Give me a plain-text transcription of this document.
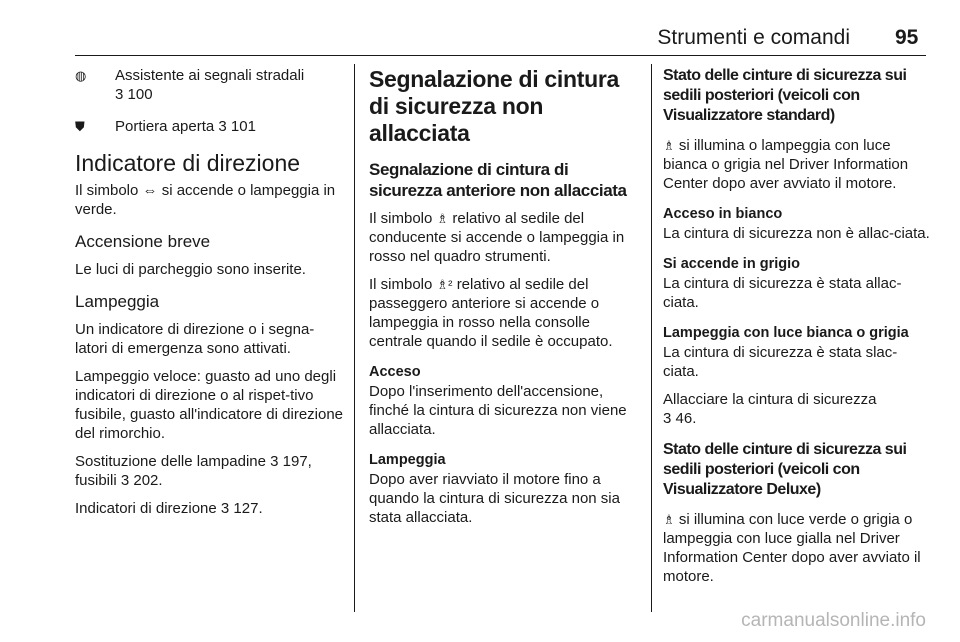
Strumenti e comandi 95
◍ Assistente ai segnali stradali
3 100
⛊ Portiera aperta 3 101
Indicatore di direzione

Il simbolo ⇔ si accende o lampeggia in verde.

Accensione breve

Le luci di parcheggio sono inserite.

Lampeggia

Un indicatore di direzione o i segna-latori di emergenza sono attivati.

Lampeggio veloce: guasto ad uno degli indicatori di direzione o al rispet-tivo fusibile, guasto all'indicatore di direzione del rimorchio.

Sostituzione delle lampadine 3 197,
fusibili 3 202.

Indicatori di direzione 3 127.

Segnalazione di cintura di sicurezza non allacciata
Segnalazione di cintura di sicurezza anteriore non allacciata

Il simbolo ♗ relativo al sedile del conducente si accende o lampeggia in rosso nel quadro strumenti.

Il simbolo ♗² relativo al sedile del passeggero anteriore si accende o lampeggia in rosso nella consolle centrale quando il sedile è occupato.

Acceso

Dopo l'inserimento dell'accensione, finché la cintura di sicurezza non viene allacciata.

Lampeggia

Dopo aver riavviato il motore fino a quando la cintura di sicurezza non sia stata allacciata.

Stato delle cinture di sicurezza sui sedili posteriori (veicoli con Visualizzatore standard)

♗ si illumina o lampeggia con luce bianca o grigia nel Driver Information Center dopo aver avviato il motore.

Acceso in bianco

La cintura di sicurezza non è allac-ciata.

Si accende in grigio

La cintura di sicurezza è stata allac-ciata.

Lampeggia con luce bianca o grigia

La cintura di sicurezza è stata slac-ciata.

Allacciare la cintura di sicurezza
3 46.

Stato delle cinture di sicurezza sui sedili posteriori (veicoli con Visualizzatore Deluxe)

♗ si illumina con luce verde o grigia o lampeggia con luce gialla nel Driver Information Center dopo aver avviato il motore.

carmanualsonline.info
